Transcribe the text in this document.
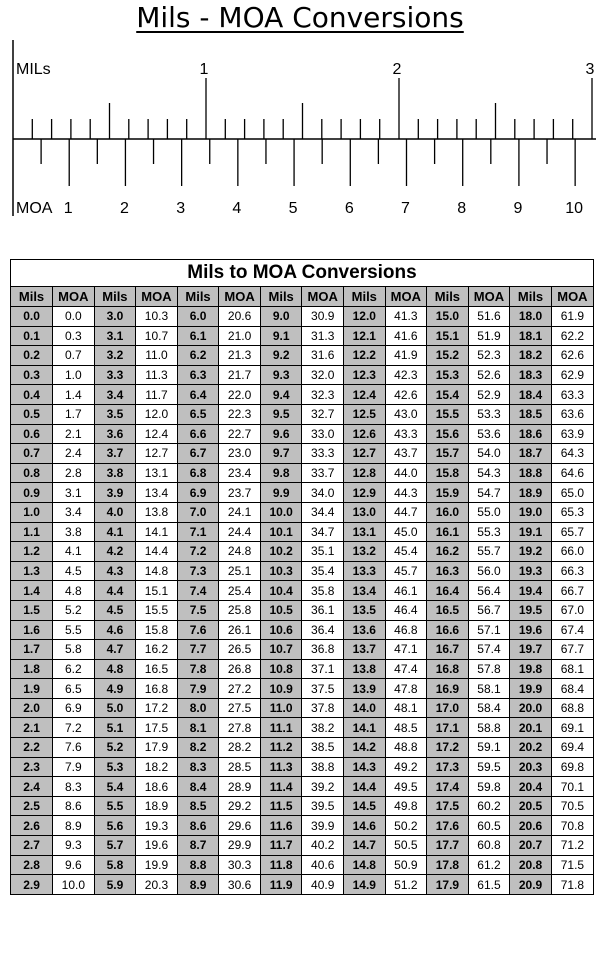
Mils - MOA Conversions
MILs
MOA
1	2	3
1	2	3	4	5	6	7	8	9	10
Mils to MOA Conversions
Mils	MOA	Mils	MOA	Mils	MOA	Mils	MOA	Mils	MOA	Mils	MOA	Mils	MOA
0.0	0.0	3.0	10.3	6.0	20.6	9.0	30.9	12.0	41.3	15.0	51.6	18.0	61.9
0.1	0.3	3.1	10.7	6.1	21.0	9.1	31.3	12.1	41.6	15.1	51.9	18.1	62.2
0.2	0.7	3.2	11.0	6.2	21.3	9.2	31.6	12.2	41.9	15.2	52.3	18.2	62.6
0.3	1.0	3.3	11.3	6.3	21.7	9.3	32.0	12.3	42.3	15.3	52.6	18.3	62.9
0.4	1.4	3.4	11.7	6.4	22.0	9.4	32.3	12.4	42.6	15.4	52.9	18.4	63.3
0.5	1.7	3.5	12.0	6.5	22.3	9.5	32.7	12.5	43.0	15.5	53.3	18.5	63.6
0.6	2.1	3.6	12.4	6.6	22.7	9.6	33.0	12.6	43.3	15.6	53.6	18.6	63.9
0.7	2.4	3.7	12.7	6.7	23.0	9.7	33.3	12.7	43.7	15.7	54.0	18.7	64.3
0.8	2.8	3.8	13.1	6.8	23.4	9.8	33.7	12.8	44.0	15.8	54.3	18.8	64.6
0.9	3.1	3.9	13.4	6.9	23.7	9.9	34.0	12.9	44.3	15.9	54.7	18.9	65.0
1.0	3.4	4.0	13.8	7.0	24.1	10.0	34.4	13.0	44.7	16.0	55.0	19.0	65.3
1.1	3.8	4.1	14.1	7.1	24.4	10.1	34.7	13.1	45.0	16.1	55.3	19.1	65.7
1.2	4.1	4.2	14.4	7.2	24.8	10.2	35.1	13.2	45.4	16.2	55.7	19.2	66.0
1.3	4.5	4.3	14.8	7.3	25.1	10.3	35.4	13.3	45.7	16.3	56.0	19.3	66.3
1.4	4.8	4.4	15.1	7.4	25.4	10.4	35.8	13.4	46.1	16.4	56.4	19.4	66.7
1.5	5.2	4.5	15.5	7.5	25.8	10.5	36.1	13.5	46.4	16.5	56.7	19.5	67.0
1.6	5.5	4.6	15.8	7.6	26.1	10.6	36.4	13.6	46.8	16.6	57.1	19.6	67.4
1.7	5.8	4.7	16.2	7.7	26.5	10.7	36.8	13.7	47.1	16.7	57.4	19.7	67.7
1.8	6.2	4.8	16.5	7.8	26.8	10.8	37.1	13.8	47.4	16.8	57.8	19.8	68.1
1.9	6.5	4.9	16.8	7.9	27.2	10.9	37.5	13.9	47.8	16.9	58.1	19.9	68.4
2.0	6.9	5.0	17.2	8.0	27.5	11.0	37.8	14.0	48.1	17.0	58.4	20.0	68.8
2.1	7.2	5.1	17.5	8.1	27.8	11.1	38.2	14.1	48.5	17.1	58.8	20.1	69.1
2.2	7.6	5.2	17.9	8.2	28.2	11.2	38.5	14.2	48.8	17.2	59.1	20.2	69.4
2.3	7.9	5.3	18.2	8.3	28.5	11.3	38.8	14.3	49.2	17.3	59.5	20.3	69.8
2.4	8.3	5.4	18.6	8.4	28.9	11.4	39.2	14.4	49.5	17.4	59.8	20.4	70.1
2.5	8.6	5.5	18.9	8.5	29.2	11.5	39.5	14.5	49.8	17.5	60.2	20.5	70.5
2.6	8.9	5.6	19.3	8.6	29.6	11.6	39.9	14.6	50.2	17.6	60.5	20.6	70.8
2.7	9.3	5.7	19.6	8.7	29.9	11.7	40.2	14.7	50.5	17.7	60.8	20.7	71.2
2.8	9.6	5.8	19.9	8.8	30.3	11.8	40.6	14.8	50.9	17.8	61.2	20.8	71.5
2.9	10.0	5.9	20.3	8.9	30.6	11.9	40.9	14.9	51.2	17.9	61.5	20.9	71.8
